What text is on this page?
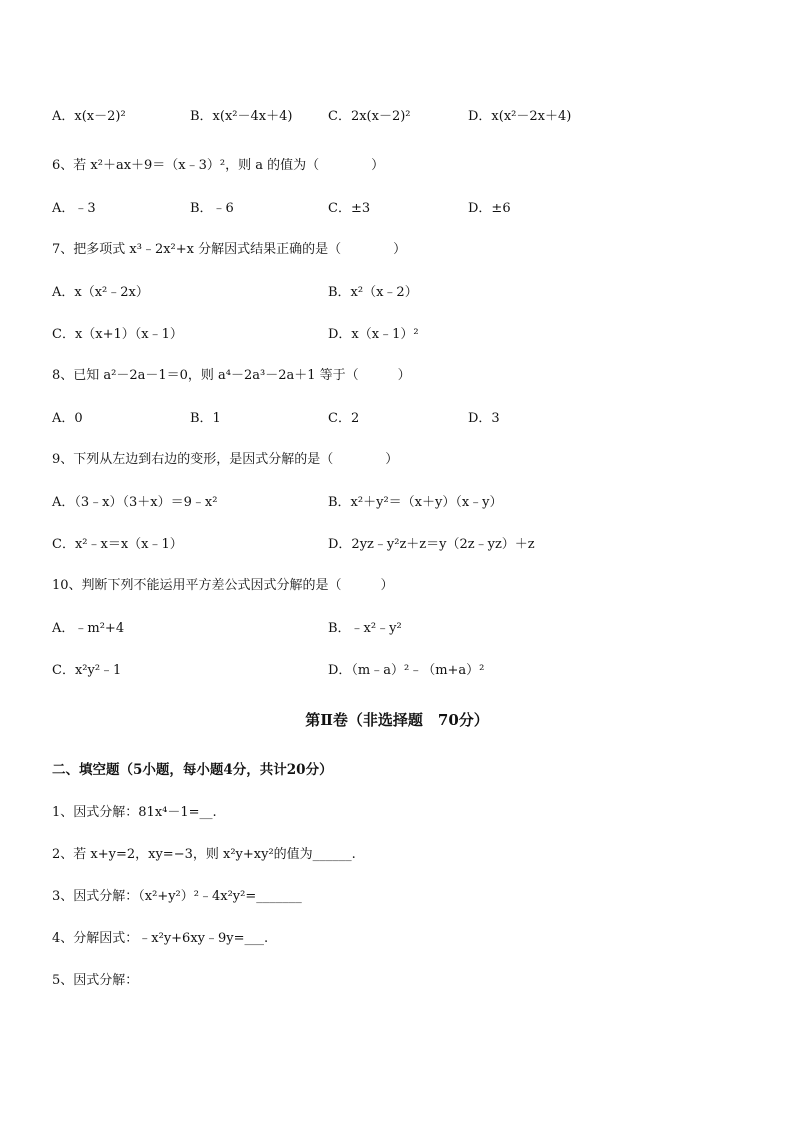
A．x(x－2)²	B．x(x²－4x＋4)	C．2x(x－2)²	D．x(x²－2x＋4)
6、若 x²＋ax＋9＝（x﹣3）²，则 a 的值为（　　　　）
A．﹣3	B．﹣6	C．±3	D．±6
7、把多项式 x³﹣2x²+x 分解因式结果正确的是（　　　　）
A．x（x²﹣2x）	B．x²（x﹣2）
C．x（x+1）（x﹣1）	D．x（x﹣1）²
8、已知 a²－2a－1＝0，则 a⁴－2a³－2a＋1 等于（　　　）
A．0	B．1	C．2	D．3
9、下列从左边到右边的变形，是因式分解的是（　　　　）
A．（3﹣x）（3＋x）＝9﹣x²	B．x²＋y²＝（x＋y）（x﹣y）
C．x²﹣x＝x（x﹣1）	D．2yz﹣y²z＋z＝y（2z﹣yz）＋z
10、判断下列不能运用平方差公式因式分解的是（　　　）
A．﹣m²+4	B．﹣x²﹣y²
C．x²y²﹣1	D．（m﹣a）²﹣（m+a）²
第Ⅱ卷（非选择题　70分）
二、填空题（5小题，每小题4分，共计20分）
1、因式分解：81x⁴－1=__.
2、若 x+y=2，xy=−3，则 x²y+xy²的值为______.
3、因式分解：（x²+y²）²﹣4x²y²=_______
4、分解因式：﹣x²y+6xy﹣9y=___.
5、因式分解：
